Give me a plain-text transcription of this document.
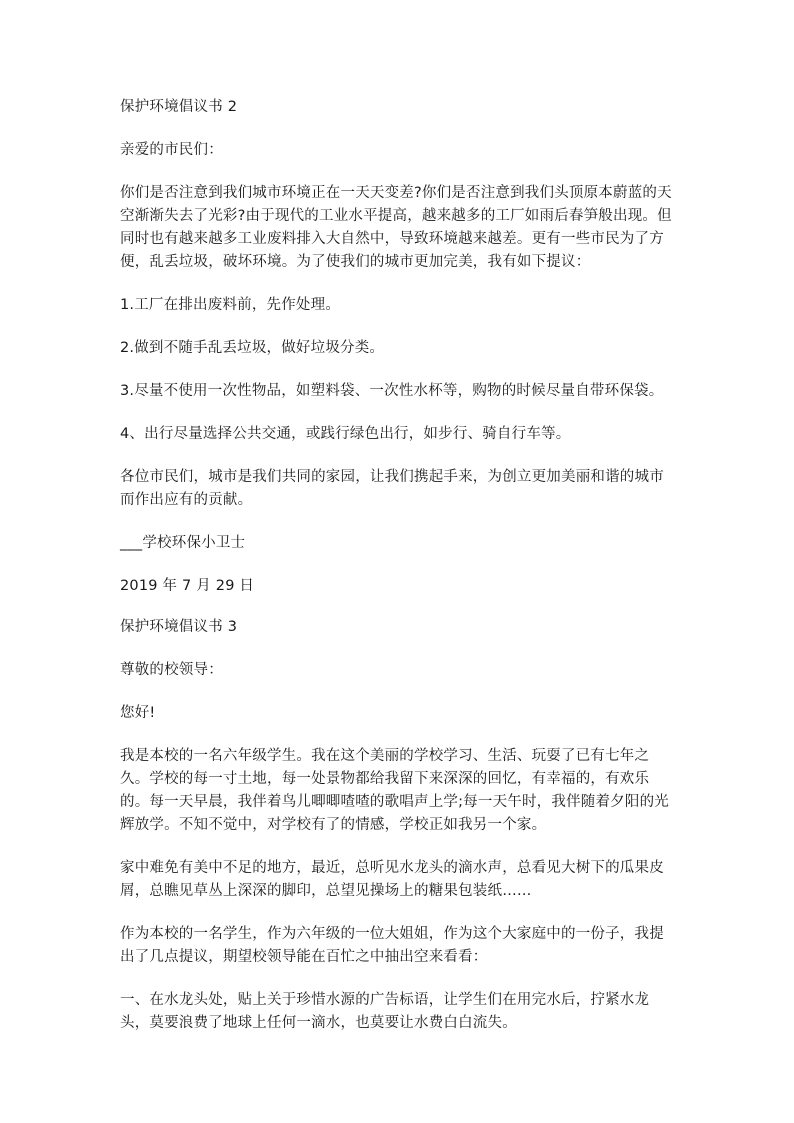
保护环境倡议书 2

亲爱的市民们：

你们是否注意到我们城市环境正在一天天变差?你们是否注意到我们头顶原本蔚蓝的天空渐渐失去了光彩?由于现代的工业水平提高，越来越多的工厂如雨后春笋般出现。但同时也有越来越多工业废料排入大自然中，导致环境越来越差。更有一些市民为了方便，乱丢垃圾，破坏环境。为了使我们的城市更加完美，我有如下提议：

1.工厂在排出废料前，先作处理。

2.做到不随手乱丢垃圾，做好垃圾分类。

3.尽量不使用一次性物品，如塑料袋、一次性水杯等，购物的时候尽量自带环保袋。

4、出行尽量选择公共交通，或践行绿色出行，如步行、骑自行车等。

各位市民们，城市是我们共同的家园，让我们携起手来，为创立更加美丽和谐的城市而作出应有的贡献。

___学校环保小卫士

2019 年 7 月 29 日

保护环境倡议书 3

尊敬的校领导：

您好!

我是本校的一名六年级学生。我在这个美丽的学校学习、生活、玩耍了已有七年之久。学校的每一寸土地，每一处景物都给我留下来深深的回忆，有幸福的，有欢乐的。每一天早晨，我伴着鸟儿唧唧喳喳的歌唱声上学;每一天午时，我伴随着夕阳的光辉放学。不知不觉中，对学校有了的情感，学校正如我另一个家。

家中难免有美中不足的地方，最近，总听见水龙头的滴水声，总看见大树下的瓜果皮屑，总瞧见草丛上深深的脚印，总望见操场上的糖果包装纸……

作为本校的一名学生，作为六年级的一位大姐姐，作为这个大家庭中的一份子，我提出了几点提议，期望校领导能在百忙之中抽出空来看看：

一、在水龙头处，贴上关于珍惜水源的广告标语，让学生们在用完水后，拧紧水龙头，莫要浪费了地球上任何一滴水，也莫要让水费白白流失。
